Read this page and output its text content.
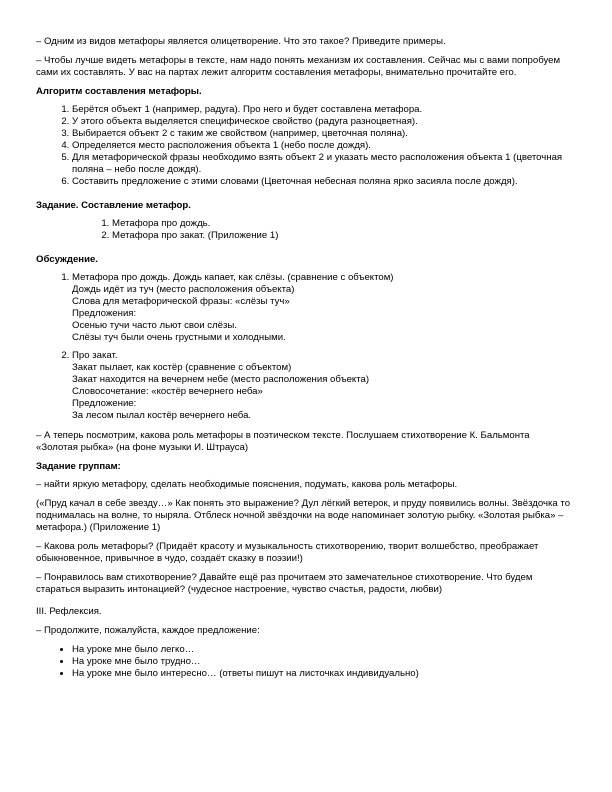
– Одним из видов метафоры является олицетворение. Что это такое? Приведите примеры.

– Чтобы лучше видеть метафоры в тексте, нам надо понять механизм их составления. Сейчас мы с вами попробуем сами их составлять. У вас на партах лежит алгоритм составления метафоры, внимательно прочитайте его.

Алгоритм составления метафоры.

1. Берётся объект 1 (например, радуга). Про него и будет составлена метафора.
2. У этого объекта выделяется специфическое свойство (радуга разноцветная).
3. Выбирается объект 2 с таким же свойством (например, цветочная поляна).
4. Определяется место расположения объекта 1 (небо после дождя).
5. Для метафорической фразы необходимо взять объект 2 и указать место расположения объекта 1 (цветочная поляна – небо после дождя).
6. Составить предложение с этими словами (Цветочная небесная поляна ярко засияла после дождя).

Задание. Составление метафор.

1. Метафора про дождь.
2. Метафора про закат. (Приложение 1)

Обсуждение.

1. Метафора про дождь. Дождь капает, как слёзы. (сравнение с объектом)
Дождь идёт из туч (место расположения объекта)
Слова для метафорической фразы: «слёзы туч»
Предложения:
Осенью тучи часто льют свои слёзы.
Слёзы туч были очень грустными и холодными.
2. Про закат.
Закат пылает, как костёр (сравнение с объектом)
Закат находится на вечернем небе (место расположения объекта)
Словосочетание: «костёр вечернего неба»
Предложение:
За лесом пылал костёр вечернего неба.

– А теперь посмотрим, какова роль метафоры в поэтическом тексте. Послушаем стихотворение К. Бальмонта «Золотая рыбка» (на фоне музыки И. Штрауса)

Задание группам:

– найти яркую метафору, сделать необходимые пояснения, подумать, какова роль метафоры.

(«Пруд качал в себе звезду…» Как понять это выражение? Дул лёгкий ветерок, и пруду появились волны. Звёздочка то поднималась на волне, то ныряла. Отблеск ночной звёздочки на воде напоминает золотую рыбку. «Золотая рыбка» – метафора.) (Приложение 1)

– Какова роль метафоры? (Придаёт красоту и музыкальность стихотворению, творит волшебство, преображает обыкновенное, привычное в чудо, создаёт сказку в поэзии!)

– Понравилось вам стихотворение? Давайте ещё раз прочитаем это замечательное стихотворение. Что будем стараться выразить интонацией? (чудесное настроение, чувство счастья, радости, любви)

III. Рефлексия.

– Продолжите, пожалуйста, каждое предложение:

• На уроке мне было легко…
• На уроке мне было трудно…
• На уроке мне было интересно… (ответы пишут на листочках индивидуально)
